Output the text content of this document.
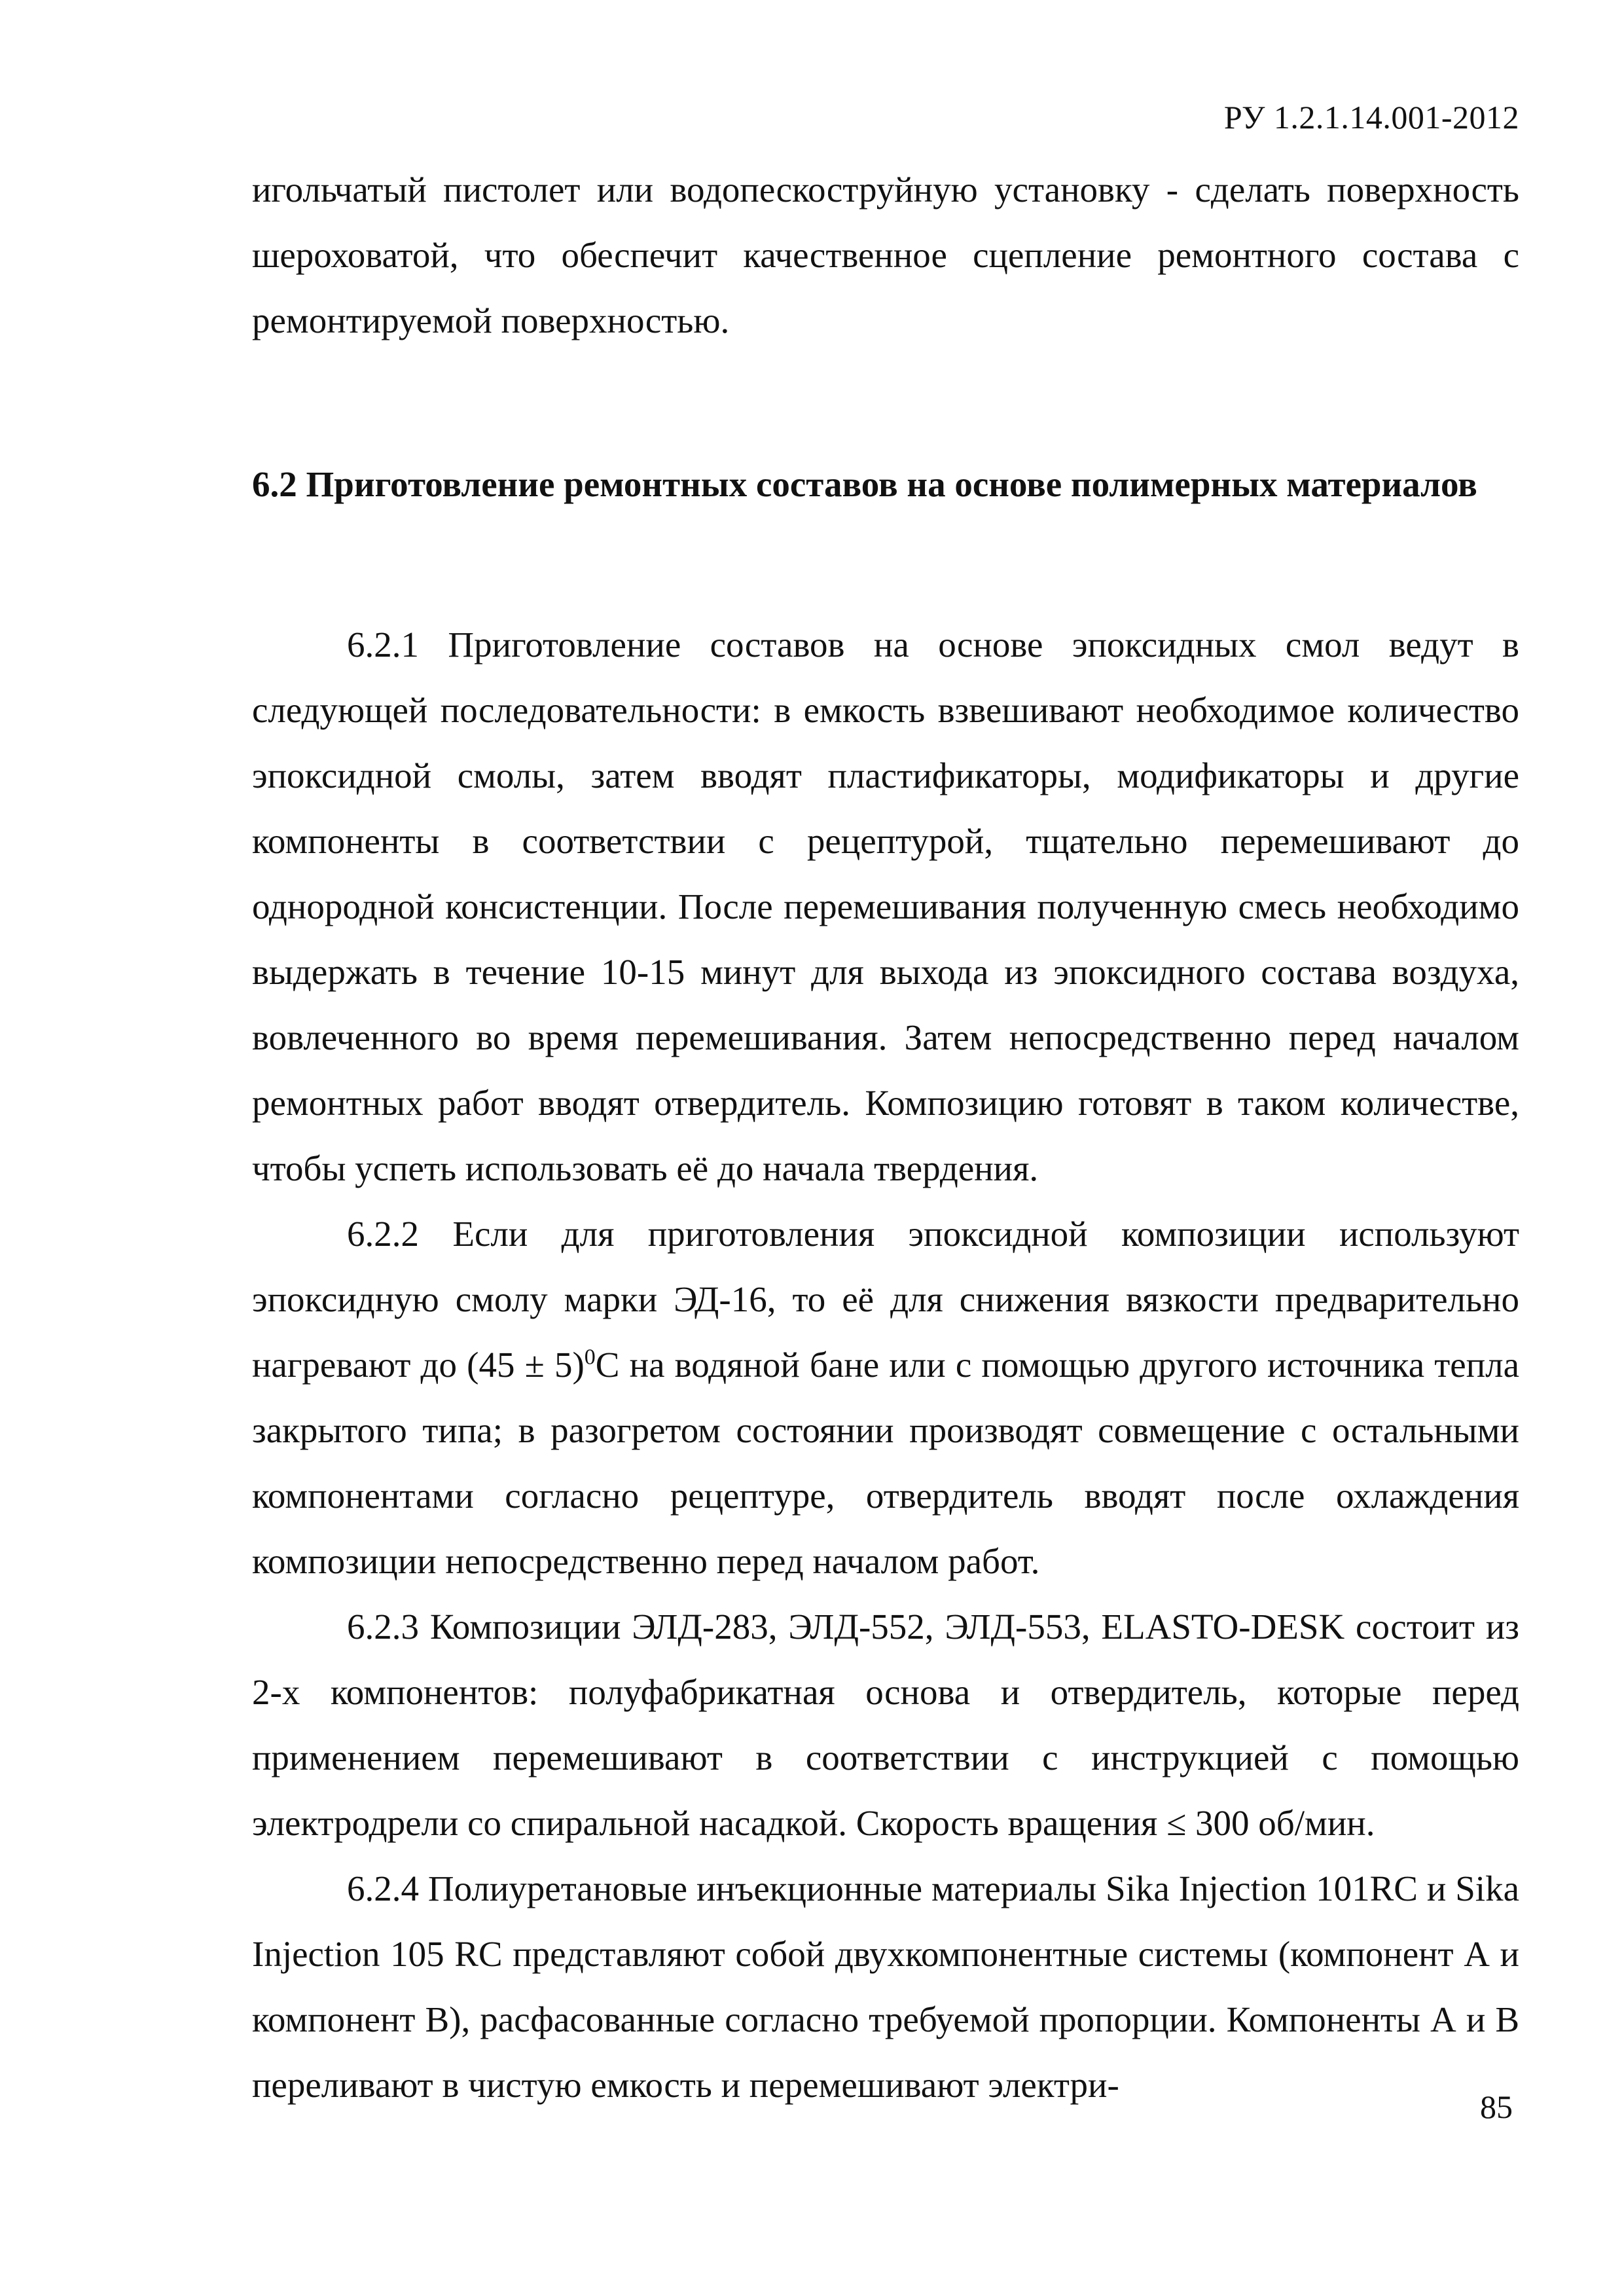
РУ 1.2.1.14.001-2012

игольчатый пистолет или водопескоструйную установку - сделать поверхность шероховатой, что обеспечит качественное сцепление ремонтного состава с ремонтируемой поверхностью.

6.2 Приготовление ремонтных составов на основе полимерных материалов

6.2.1 Приготовление составов на основе эпоксидных смол ведут в следующей последовательности: в емкость взвешивают необходимое количество эпоксидной смолы, затем вводят пластификаторы, модификаторы и другие компоненты в соответствии с рецептурой, тщательно перемешивают до однородной консистенции. После перемешивания полученную смесь необходимо выдержать в течение 10-15 минут для выхода из эпоксидного состава воздуха, вовлеченного во время перемешивания. Затем непосредственно перед началом ремонтных работ вводят отвердитель. Композицию готовят в таком количестве, чтобы успеть использовать её до начала твердения.

6.2.2 Если для приготовления эпоксидной композиции используют эпоксидную смолу марки ЭД-16, то её для снижения вязкости предварительно нагревают до $(45 \pm 5)^0С$ на водяной бане или с помощью другого источника тепла закрытого типа; в разогретом состоянии производят совмещение с остальными компонентами согласно рецептуре, отвердитель вводят после охлаждения композиции непосредственно перед началом работ.

6.2.3 Композиции ЭЛД-283, ЭЛД-552, ЭЛД-553, ELASTO-DESK состоит из 2-х компонентов: полуфабрикатная основа и отвердитель, которые перед применением перемешивают в соответствии с инструкцией с помощью электродрели со спиральной насадкой. Скорость вращения ≤ 300 об/мин.

6.2.4 Полиуретановые инъекционные материалы Sika Injection 101RC и Sika Injection 105 RC представляют собой двухкомпонентные системы (компонент А и компонент В), расфасованные согласно требуемой пропорции. Компоненты А и В переливают в чистую емкость и перемешивают электри-

85
